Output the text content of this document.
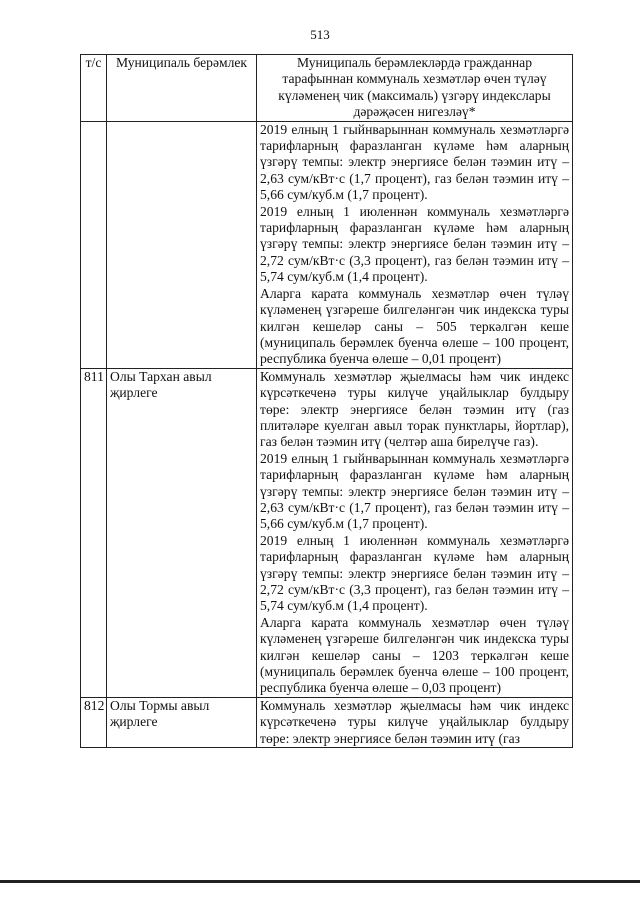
513
т/с	Муниципаль берәмлек	Муниципаль берәмлекләрдә гражданнар тарафыннан коммуналь хезмәтләр өчен түләү күләменең чик (максималь) үзгәрү индекслары дәрәҗәсен нигезләү*

		2019 елның 1 гыйнварыннан коммуналь хезмәтләргә тарифларның фаразланган күләме һәм аларның үзгәрү темпы: электр энергиясе белән тәэмин итү – 2,63 сум/кВт·с (1,7 процент), газ белән тәэмин итү – 5,66 сум/куб.м (1,7 процент).
2019 елның 1 июленнән коммуналь хезмәтләргә тарифларның фаразланган күләме һәм аларның үзгәрү темпы: электр энергиясе белән тәэмин итү – 2,72 сум/кВт·с (3,3 процент), газ белән тәэмин итү – 5,74 сум/куб.м (1,4 процент).
Аларга карата коммуналь хезмәтләр өчен түләү күләменең үзгәреше билгеләнгән чик индекска туры килгән кешеләр саны – 505 теркәлгән кеше (муниципаль берәмлек буенча өлеше – 100 процент, республика буенча өлеше – 0,01 процент)

811	Олы Тархан авыл җирлеге	Коммуналь хезмәтләр җыелмасы һәм чик индекс күрсәткеченә туры килүче уңайлыклар булдыру төре: электр энергиясе белән тәэмин итү (газ плитәләре куелган авыл торак пунктлары, йортлар), газ белән тәэмин итү (челтәр аша бирелүче газ).
2019 елның 1 гыйнварыннан коммуналь хезмәтләргә тарифларның фаразланган күләме һәм аларның үзгәрү темпы: электр энергиясе белән тәэмин итү – 2,63 сум/кВт·с (1,7 процент), газ белән тәэмин итү – 5,66 сум/куб.м (1,7 процент).
2019 елның 1 июленнән коммуналь хезмәтләргә тарифларның фаразланган күләме һәм аларның үзгәрү темпы: электр энергиясе белән тәэмин итү – 2,72 сум/кВт·с (3,3 процент), газ белән тәэмин итү – 5,74 сум/куб.м (1,4 процент).
Аларга карата коммуналь хезмәтләр өчен түләү күләменең үзгәреше билгеләнгән чик индекска туры килгән кешеләр саны – 1203 теркәлгән кеше (муниципаль берәмлек буенча өлеше – 100 процент, республика буенча өлеше – 0,03 процент)

812	Олы Тормы авыл җирлеге	Коммуналь хезмәтләр җыелмасы һәм чик индекс күрсәткеченә туры килүче уңайлыклар булдыру төре: электр энергиясе белән тәэмин итү (газ
